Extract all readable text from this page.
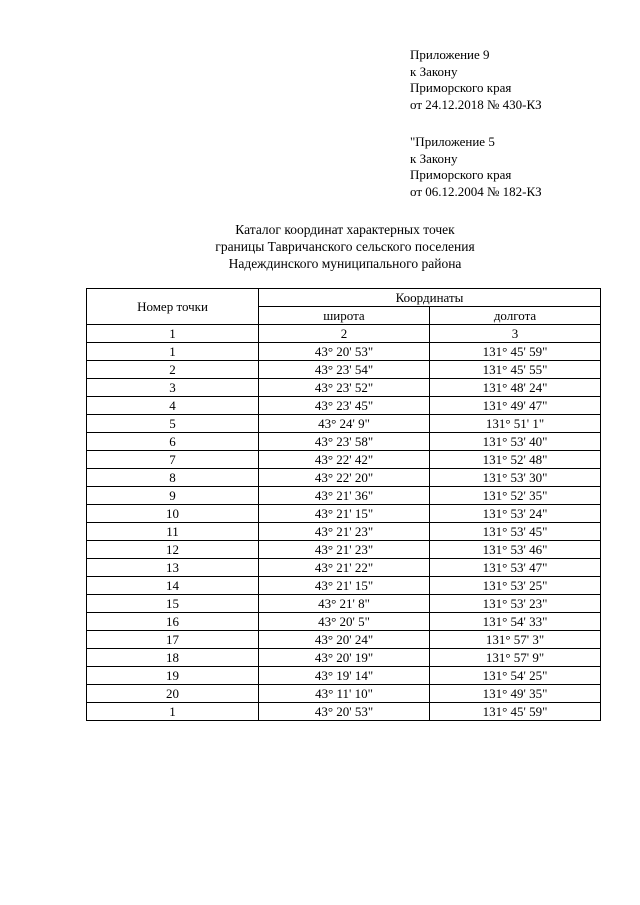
Приложение 9
к Закону
Приморского края
от 24.12.2018 № 430-КЗ
"Приложение 5
к Закону
Приморского края
от 06.12.2004 № 182-КЗ
Каталог координат характерных точек
границы Тавричанского сельского поселения
Надеждинского муниципального района
Номер точки	Координаты	
	широта	долгота
1	2	3
1	43° 20' 53"	131° 45' 59"
2	43° 23' 54"	131° 45' 55"
3	43° 23' 52"	131° 48' 24"
4	43° 23' 45"	131° 49' 47"
5	43° 24' 9"	131° 51' 1"
6	43° 23' 58"	131° 53' 40"
7	43° 22' 42"	131° 52' 48"
8	43° 22' 20"	131° 53' 30"
9	43° 21' 36"	131° 52' 35"
10	43° 21' 15"	131° 53' 24"
11	43° 21' 23"	131° 53' 45"
12	43° 21' 23"	131° 53' 46"
13	43° 21' 22"	131° 53' 47"
14	43° 21' 15"	131° 53' 25"
15	43° 21' 8"	131° 53' 23"
16	43° 20' 5"	131° 54' 33"
17	43° 20' 24"	131° 57' 3"
18	43° 20' 19"	131° 57' 9"
19	43° 19' 14"	131° 54' 25"
20	43° 11' 10"	131° 49' 35"
1	43° 20' 53"	131° 45' 59"
